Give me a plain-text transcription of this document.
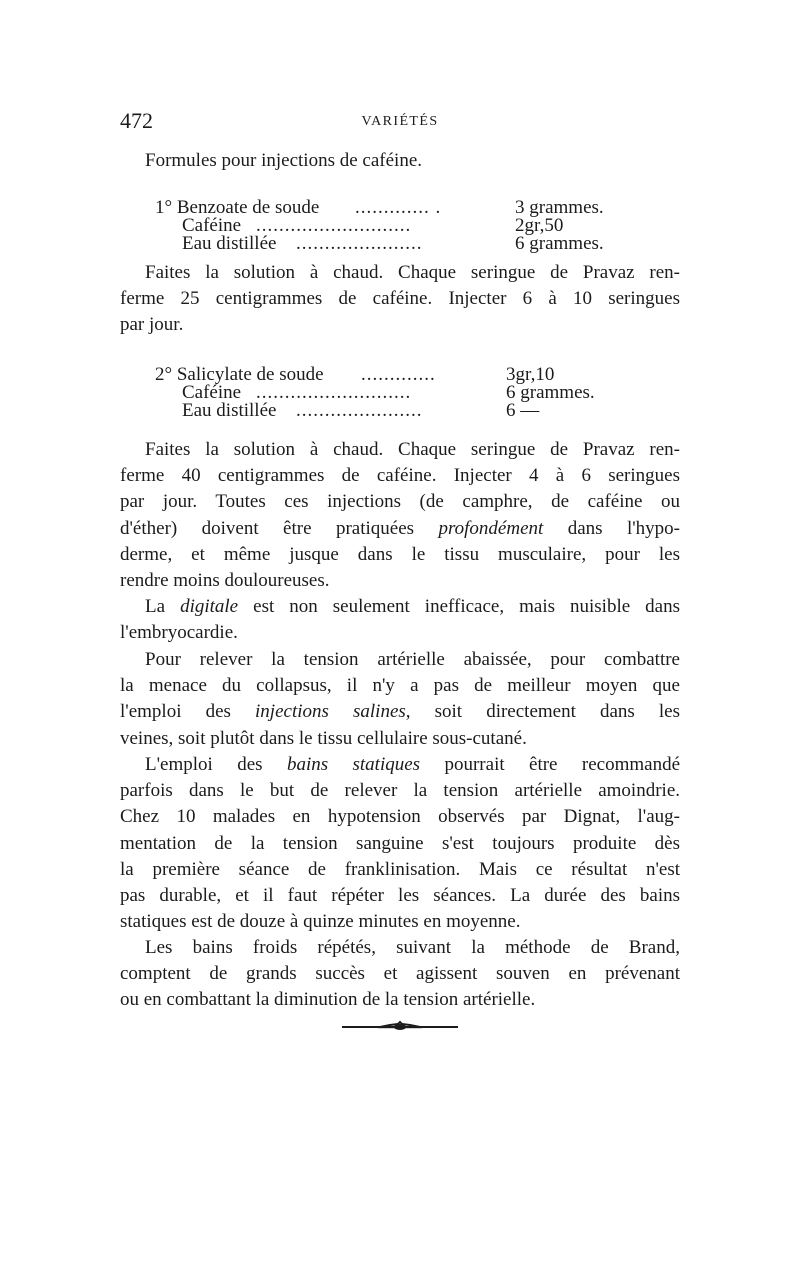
472	VARIÉTÉS
Formules pour injections de caféine.
1° Benzoate de soude ............. .	3 grammes.
Caféine ...........................	2gr,50
Eau distillée ......................	6 grammes.

Faites la solution à chaud. Chaque seringue de Pravaz ren-
ferme 25 centigrammes de caféine. Injecter 6 à 10 seringues
par jour.

2° Salicylate de soude .............	3gr,10
Caféine ...........................	6 grammes.
Eau distillée ......................	6 —

Faites la solution à chaud. Chaque seringue de Pravaz ren-
ferme 40 centigrammes de caféine. Injecter 4 à 6 seringues
par jour. Toutes ces injections (de camphre, de caféine ou
d'éther) doivent être pratiquées profondément dans l'hypo-
derme, et même jusque dans le tissu musculaire, pour les
rendre moins douloureuses.

La digitale est non seulement inefficace, mais nuisible dans
l'embryocardie.

Pour relever la tension artérielle abaissée, pour combattre
la menace du collapsus, il n'y a pas de meilleur moyen que
l'emploi des injections salines, soit directement dans les
veines, soit plutôt dans le tissu cellulaire sous-cutané.

L'emploi des bains statiques pourrait être recommandé
parfois dans le but de relever la tension artérielle amoindrie.
Chez 10 malades en hypotension observés par Dignat, l'aug-
mentation de la tension sanguine s'est toujours produite dès
la première séance de franklinisation. Mais ce résultat n'est
pas durable, et il faut répéter les séances. La durée des bains
statiques est de douze à quinze minutes en moyenne.

Les bains froids répétés, suivant la méthode de Brand,
comptent de grands succès et agissent souven en prévenant
ou en combattant la diminution de la tension artérielle.
